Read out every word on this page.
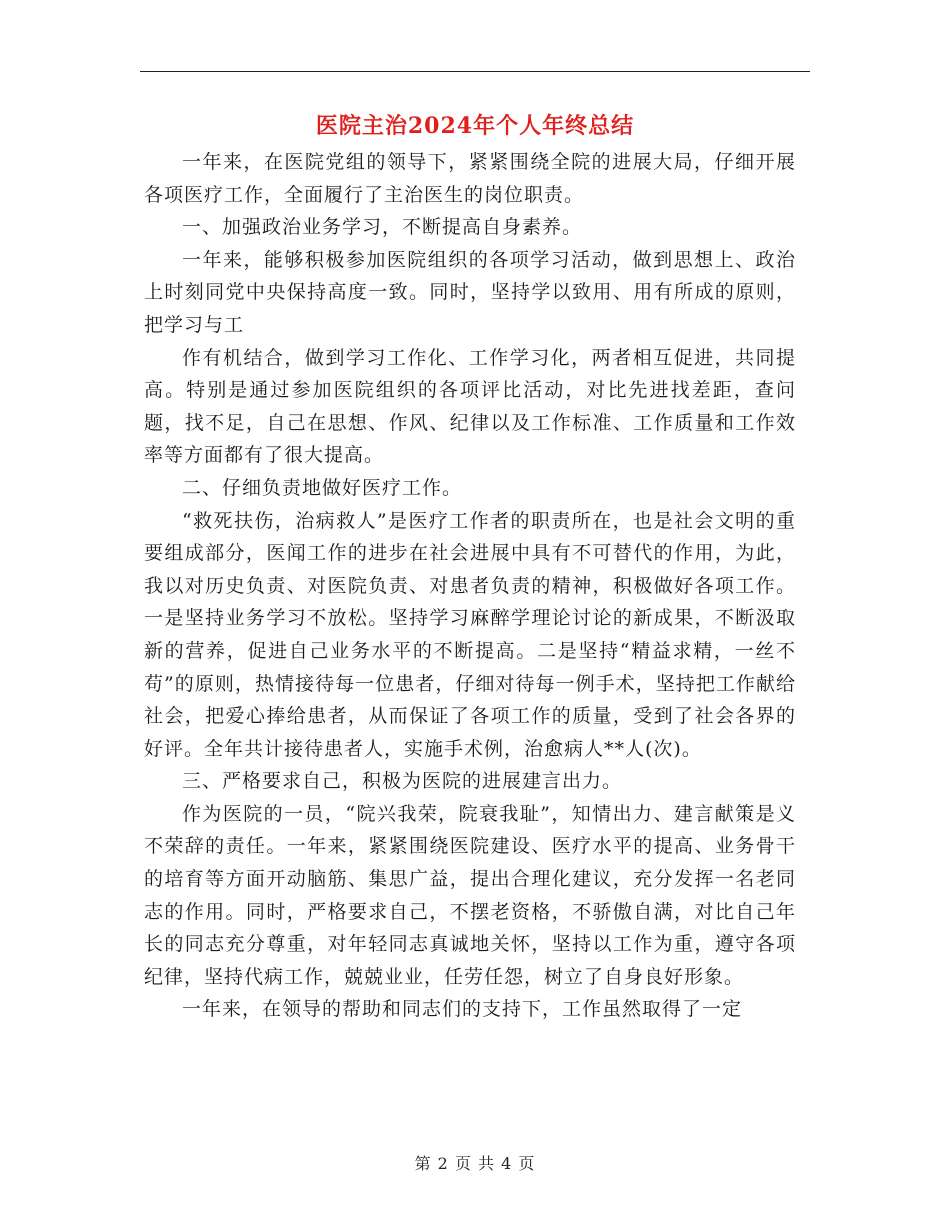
医院主治2024年个人年终总结

一年来，在医院党组的领导下，紧紧围绕全院的进展大局，仔细开展各项医疗工作，全面履行了主治医生的岗位职责。

一、加强政治业务学习，不断提高自身素养。

一年来，能够积极参加医院组织的各项学习活动，做到思想上、政治上时刻同党中央保持高度一致。同时，坚持学以致用、用有所成的原则，把学习与工

作有机结合，做到学习工作化、工作学习化，两者相互促进，共同提高。特别是通过参加医院组织的各项评比活动，对比先进找差距，查问题，找不足，自己在思想、作风、纪律以及工作标准、工作质量和工作效率等方面都有了很大提高。

二、仔细负责地做好医疗工作。

“救死扶伤，治病救人”是医疗工作者的职责所在，也是社会文明的重要组成部分，医闻工作的进步在社会进展中具有不可替代的作用，为此，我以对历史负责、对医院负责、对患者负责的精神，积极做好各项工作。一是坚持业务学习不放松。坚持学习麻醉学理论讨论的新成果，不断汲取新的营养，促进自己业务水平的不断提高。二是坚持“精益求精，一丝不苟”的原则，热情接待每一位患者，仔细对待每一例手术，坚持把工作献给社会，把爱心捧给患者，从而保证了各项工作的质量，受到了社会各界的好评。全年共计接待患者人，实施手术例，治愈病人**人(次)。

三、严格要求自己，积极为医院的进展建言出力。

作为医院的一员，“院兴我荣，院衰我耻”，知情出力、建言献策是义不荣辞的责任。一年来，紧紧围绕医院建设、医疗水平的提高、业务骨干的培育等方面开动脑筋、集思广益，提出合理化建议，充分发挥一名老同志的作用。同时，严格要求自己，不摆老资格，不骄傲自满，对比自己年长的同志充分尊重，对年轻同志真诚地关怀，坚持以工作为重，遵守各项纪律，坚持代病工作，兢兢业业，任劳任怨，树立了自身良好形象。

一年来，在领导的帮助和同志们的支持下，工作虽然取得了一定

第 2 页 共 4 页
